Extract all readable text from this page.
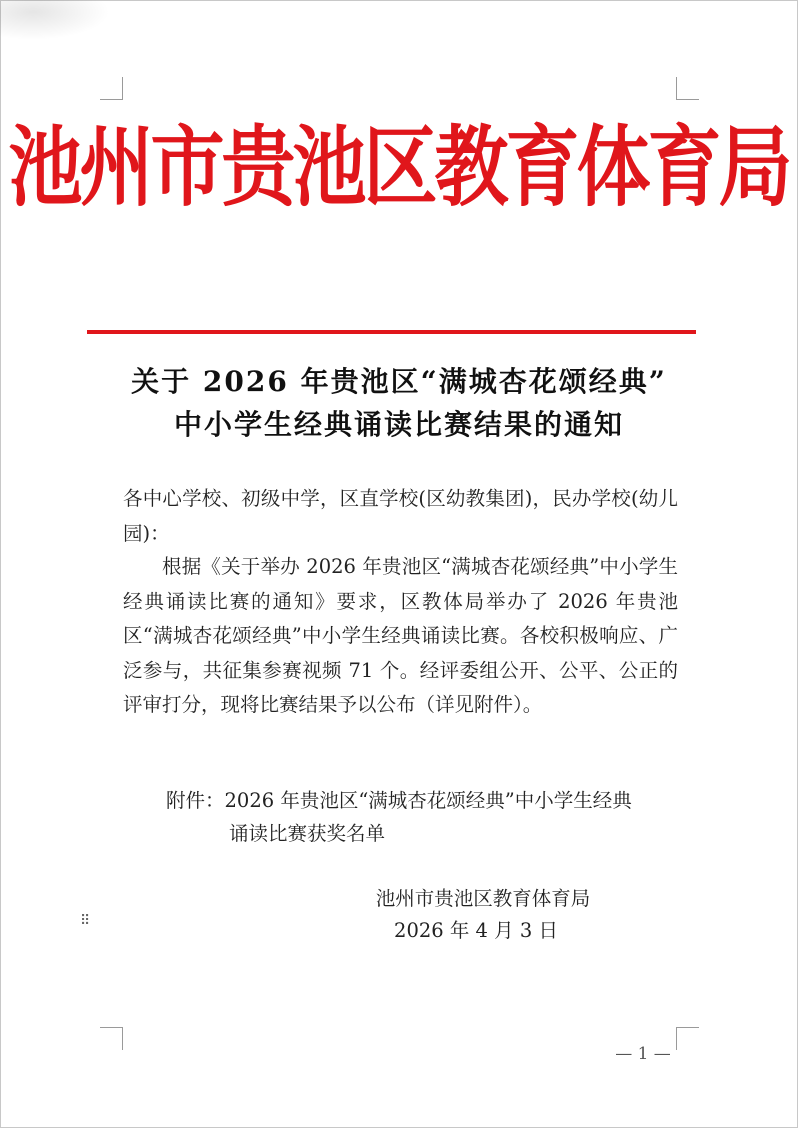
池州市贵池区教育体育局
关于 2026 年贵池区“满城杏花颂经典”
中小学生经典诵读比赛结果的通知
各中心学校、初级中学，区直学校(区幼教集团)，民办学校(幼儿园)：
根据《关于举办 2026 年贵池区“满城杏花颂经典”中小学生经典诵读比赛的通知》要求，区教体局举办了 2026 年贵池区“满城杏花颂经典”中小学生经典诵读比赛。各校积极响应、广泛参与，共征集参赛视频 71 个。经评委组公开、公平、公正的评审打分，现将比赛结果予以公布（详见附件）。
附件：2026 年贵池区“满城杏花颂经典”中小学生经典
诵读比赛获奖名单
池州市贵池区教育体育局
2026 年 4 月 3 日
⠿
— 1 —
